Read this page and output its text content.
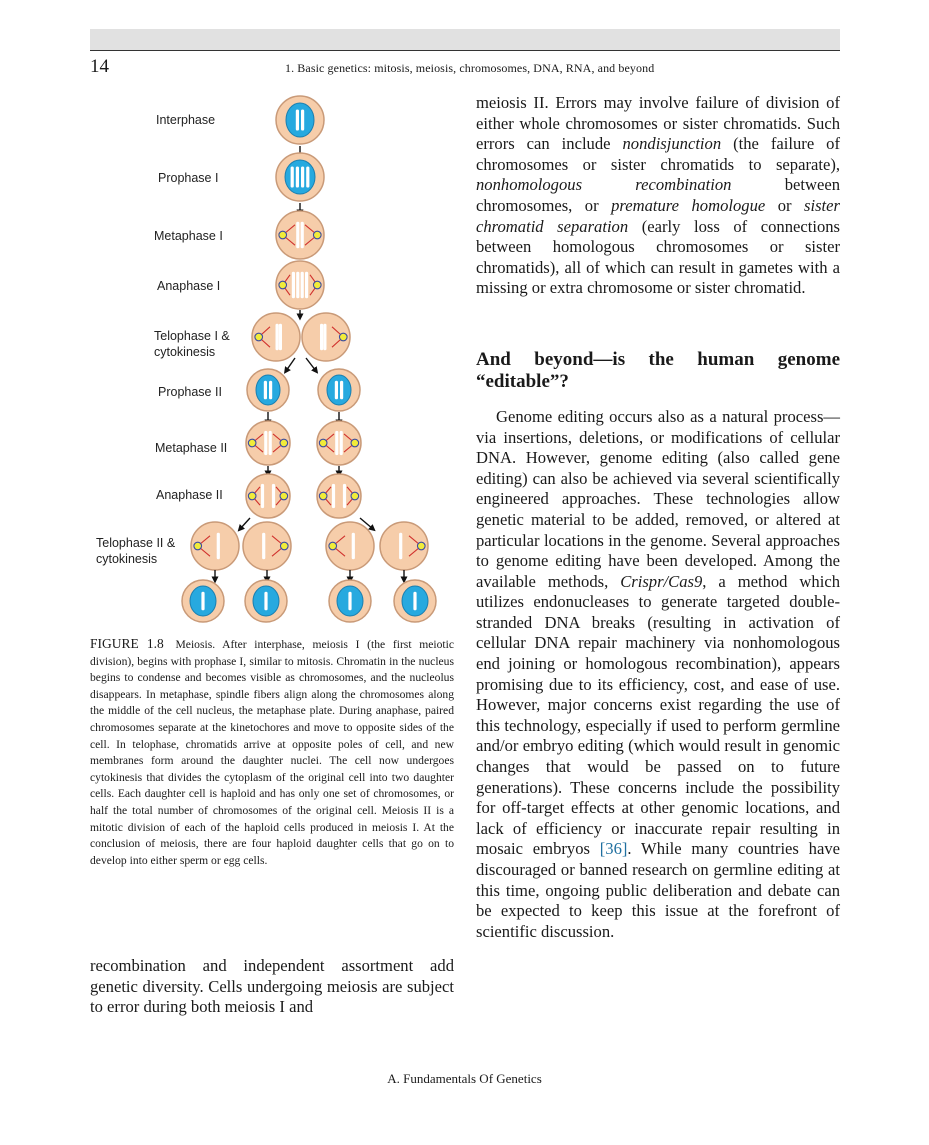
14	1. Basic genetics: mitosis, meiosis, chromosomes, DNA, RNA, and beyond
Interphase
Prophase I
Metaphase I
Anaphase I
Telophase I &
cytokinesis
Prophase II
Metaphase II
Anaphase II
Telophase II &
cytokinesis
FIGURE 1.8 Meiosis. After interphase, meiosis I (the first meiotic division), begins with prophase I, similar to mitosis. Chromatin in the nucleus begins to condense and becomes visible as chromosomes, and the nucleolus disappears. In metaphase, spindle fibers align along the chromosomes along the middle of the cell nucleus, the metaphase plate. During anaphase, paired chromosomes separate at the kinetochores and move to opposite sides of the cell. In telophase, chromatids arrive at opposite poles of cell, and new membranes form around the daughter nuclei. The cell now undergoes cytokinesis that divides the cytoplasm of the original cell into two daughter cells. Each daughter cell is haploid and has only one set of chromosomes, or half the total number of chromosomes of the original cell. Meiosis II is a mitotic division of each of the haploid cells produced in meiosis I. At the conclusion of meiosis, there are four haploid daughter cells that go on to develop into either sperm or egg cells.
recombination and independent assortment add genetic diversity. Cells undergoing meiosis are subject to error during both meiosis I and

meiosis II. Errors may involve failure of division of either whole chromosomes or sister chromatids. Such errors can include nondisjunction (the failure of chromosomes or sister chromatids to separate), nonhomologous recombination between chromosomes, or premature homologue or sister chromatid separation (early loss of connections between homologous chromosomes or sister chromatids), all of which can result in gametes with a missing or extra chromosome or sister chromatid.

And beyond—is the human genome “editable”?

Genome editing occurs also as a natural process—via insertions, deletions, or modifications of cellular DNA. However, genome editing (also called gene editing) can also be achieved via several scientifically engineered approaches. These technologies allow genetic material to be added, removed, or altered at particular locations in the genome. Several approaches to genome editing have been developed. Among the available methods, Crispr/Cas9, a method which utilizes endonucleases to generate targeted double-stranded DNA breaks (resulting in activation of cellular DNA repair machinery via nonhomologous end joining or homologous recombination), appears promising due to its efficiency, cost, and ease of use. However, major concerns exist regarding the use of this technology, especially if used to perform germline and/or embryo editing (which would result in genomic changes that would be passed on to future generations). These concerns include the possibility for off-target effects at other genomic locations, and lack of efficiency or inaccurate repair resulting in mosaic embryos [36]. While many countries have discouraged or banned research on germline editing at this time, ongoing public deliberation and debate can be expected to keep this issue at the forefront of scientific discussion.

A. Fundamentals Of Genetics
